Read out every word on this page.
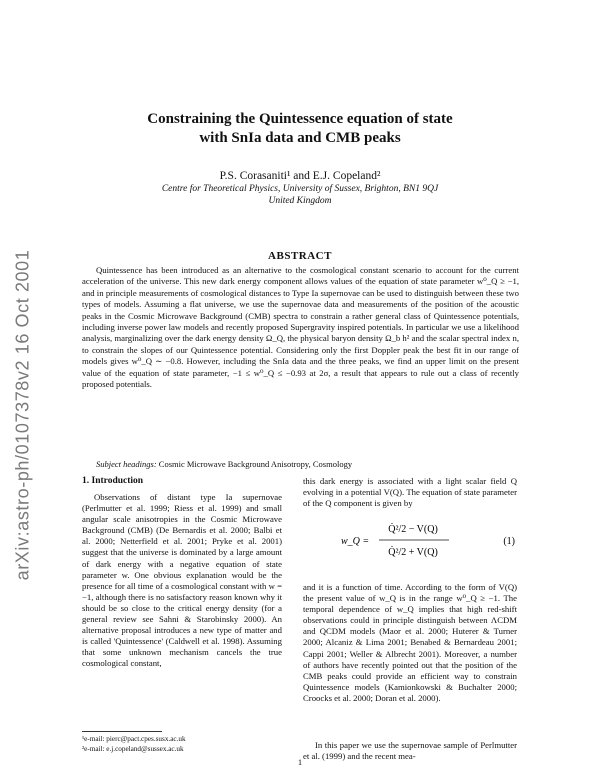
arXiv:astro-ph/0107378v2 16 Oct 2001
Constraining the Quintessence equation of state
with SnIa data and CMB peaks
P.S. Corasaniti¹ and E.J. Copeland²
Centre for Theoretical Physics, University of Sussex, Brighton, BN1 9QJ
United Kingdom
ABSTRACT

Quintessence has been introduced as an alternative to the cosmological constant scenario to account for the current acceleration of the universe. This new dark energy component allows values of the equation of state parameter w⁰_Q ≥ −1, and in principle measurements of cosmological distances to Type Ia supernovae can be used to distinguish between these two types of models. Assuming a flat universe, we use the supernovae data and measurements of the position of the acoustic peaks in the Cosmic Microwave Background (CMB) spectra to constrain a rather general class of Quintessence potentials, including inverse power law models and recently proposed Supergravity inspired potentials. In particular we use a likelihood analysis, marginalizing over the dark energy density Ω_Q, the physical baryon density Ω_b h² and the scalar spectral index n, to constrain the slopes of our Quintessence potential. Considering only the first Doppler peak the best fit in our range of models gives w⁰_Q ∼ −0.8. However, including the SnIa data and the three peaks, we find an upper limit on the present value of the equation of state parameter, −1 ≤ w⁰_Q ≤ −0.93 at 2σ, a result that appears to rule out a class of recently proposed potentials.

Subject headings: Cosmic Microwave Background Anisotropy, Cosmology
1. Introduction

Observations of distant type Ia supernovae (Perlmutter et al. 1999; Riess et al. 1999) and small angular scale anisotropies in the Cosmic Microwave Background (CMB) (De Bernardis et al. 2000; Balbi et al. 2000; Netterfield et al. 2001; Pryke et al. 2001) suggest that the universe is dominated by a large amount of dark energy with a negative equation of state parameter w. One obvious explanation would be the presence for all time of a cosmological constant with w = −1, although there is no satisfactory reason known why it should be so close to the critical energy density (for a general review see Sahni & Starobinsky 2000). An alternative proposal introduces a new type of matter and is called 'Quintessence' (Caldwell et al. 1998). Assuming that some unknown mechanism cancels the true cosmological constant,

this dark energy is associated with a light scalar field Q evolving in a potential V(Q). The equation of state parameter of the Q component is given by

w_Q =
Q̇²/2 − V(Q)
Q̇²/2 + V(Q)
(1)

and it is a function of time. According to the form of V(Q) the present value of w_Q is in the range w⁰_Q ≥ −1. The temporal dependence of w_Q implies that high red-shift observations could in principle distinguish between ΛCDM and QCDM models (Maor et al. 2000; Huterer & Turner 2000; Alcaniz & Lima 2001; Benabed & Bernardeau 2001; Cappi 2001; Weller & Albrecht 2001). Moreover, a number of authors have recently pointed out that the position of the CMB peaks could provide an efficient way to constrain Quintessence models (Kamionkowski & Buchalter 2000; Croocks et al. 2000; Doran et al. 2000).

In this paper we use the supernovae sample of Perlmutter et al. (1999) and the recent mea-

¹e-mail: pierc@pact.cpes.susx.ac.uk
²e-mail: e.j.copeland@sussex.ac.uk
1
